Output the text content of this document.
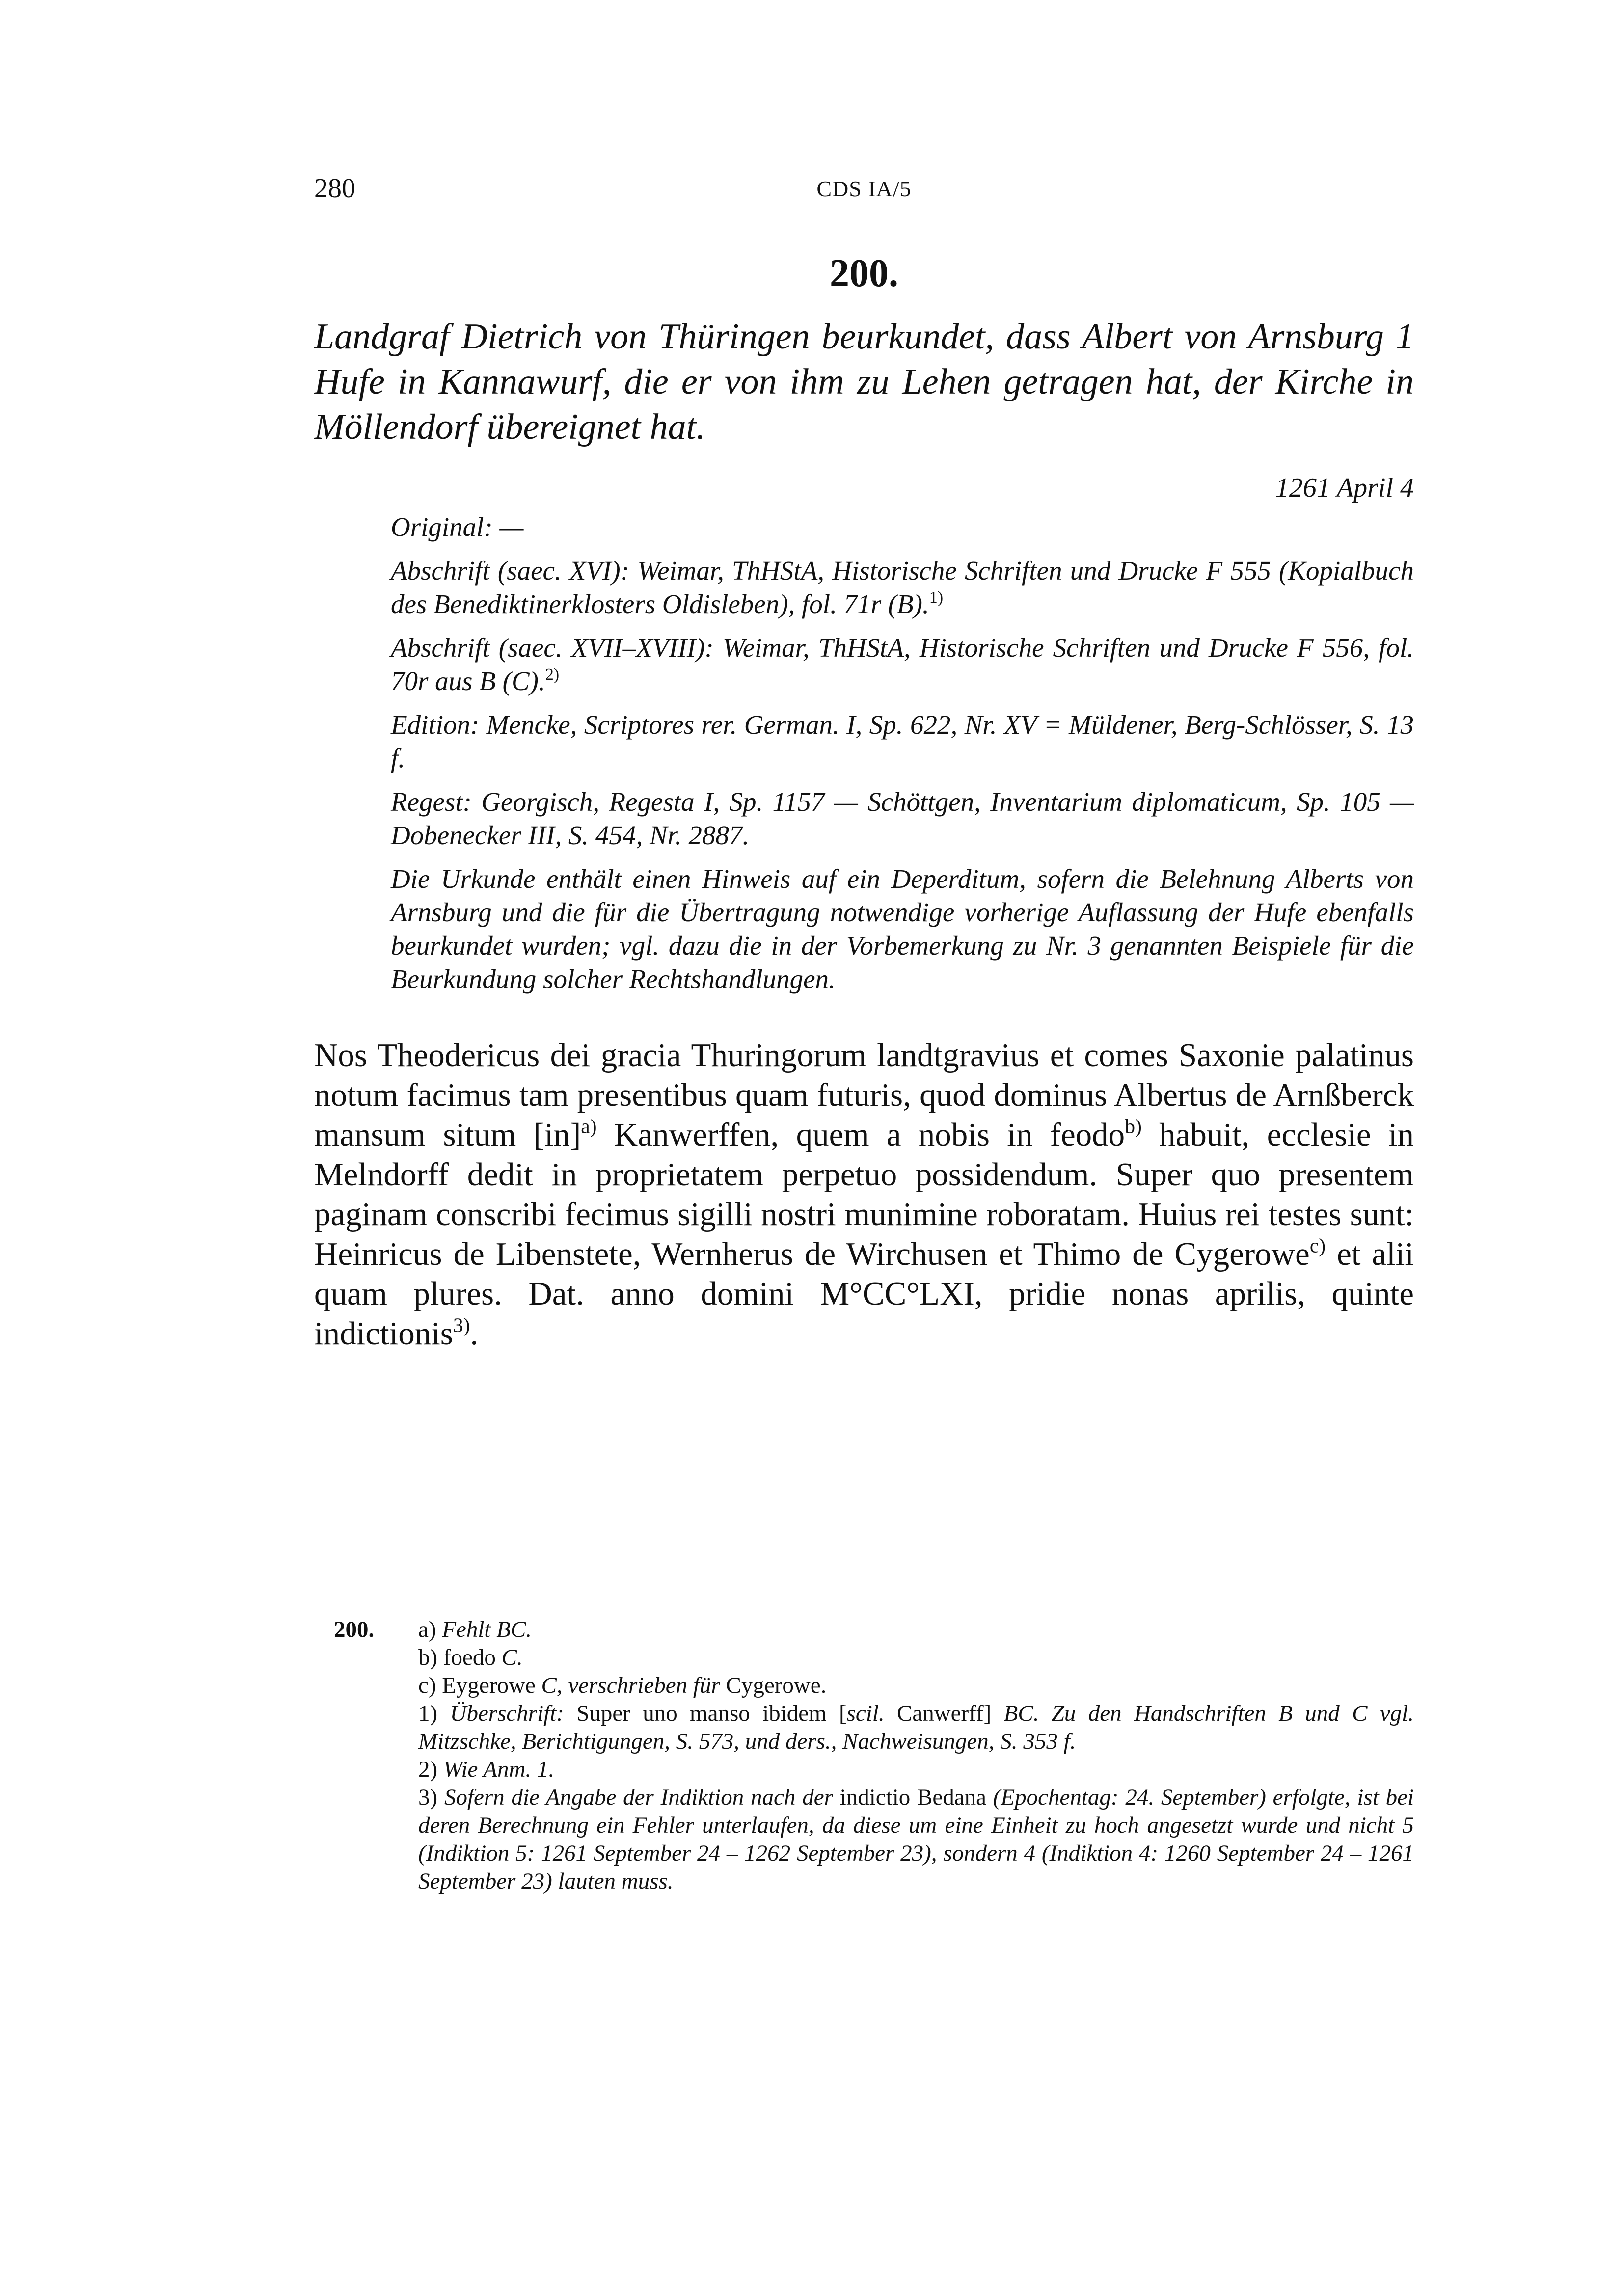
280	CDS IA/5
200.
Landgraf Dietrich von Thüringen beurkundet, dass Albert von Arnsburg 1 Hufe in Kannawurf, die er von ihm zu Lehen getragen hat, der Kirche in Möllendorf übereignet hat.
1261 April 4

Original: —

Abschrift (saec. XVI): Weimar, ThHStA, Historische Schriften und Drucke F 555 (Kopialbuch des Benediktinerklosters Oldisleben), fol. 71r (B).$^{1)}$

Abschrift (saec. XVII–XVIII): Weimar, ThHStA, Historische Schriften und Drucke F 556, fol. 70r aus B (C).$^{2)}$

Edition: Mencke, Scriptores rer. German. I, Sp. 622, Nr. XV = Müldener, Berg-Schlösser, S. 13 f.

Regest: Georgisch, Regesta I, Sp. 1157 — Schöttgen, Inventarium diplomaticum, Sp. 105 — Dobenecker III, S. 454, Nr. 2887.

Die Urkunde enthält einen Hinweis auf ein Deperditum, sofern die Belehnung Alberts von Arnsburg und die für die Übertragung notwendige vorherige Auflassung der Hufe ebenfalls beurkundet wurden; vgl. dazu die in der Vorbemerkung zu Nr. 3 genannten Beispiele für die Beurkundung solcher Rechtshandlungen.

Nos Theodericus dei gracia Thuringorum landtgravius et comes Saxonie palatinus notum facimus tam presentibus quam futuris, quod dominus Albertus de Arnßberck mansum situm [in]$^{a)}$ Kanwerffen, quem a nobis in feodo$^{b)}$ habuit, ecclesie in Melndorff dedit in proprietatem perpetuo possidendum. Super quo presentem paginam conscribi fecimus sigilli nostri munimine roboratam. Huius rei testes sunt: Heinricus de Libenstete, Wernherus de Wirchusen et Thimo de Cygerowe$^{c)}$ et alii quam plures. Dat. anno domini M°CC°LXI, pridie nonas aprilis, quinte indictionis$^{3)}$.

200. a) Fehlt BC.

b) foedo C.

c) Eygerowe C, verschrieben für Cygerowe.

1) Überschrift: Super uno manso ibidem [scil. Canwerff] BC. Zu den Handschriften B und C vgl. Mitzschke, Berichtigungen, S. 573, und ders., Nachweisungen, S. 353 f.

2) Wie Anm. 1.

3) Sofern die Angabe der Indiktion nach der indictio Bedana (Epochentag: 24. September) erfolgte, ist bei deren Berechnung ein Fehler unterlaufen, da diese um eine Einheit zu hoch angesetzt wurde und nicht 5 (Indiktion 5: 1261 September 24 – 1262 September 23), sondern 4 (Indiktion 4: 1260 September 24 – 1261 September 23) lauten muss.
